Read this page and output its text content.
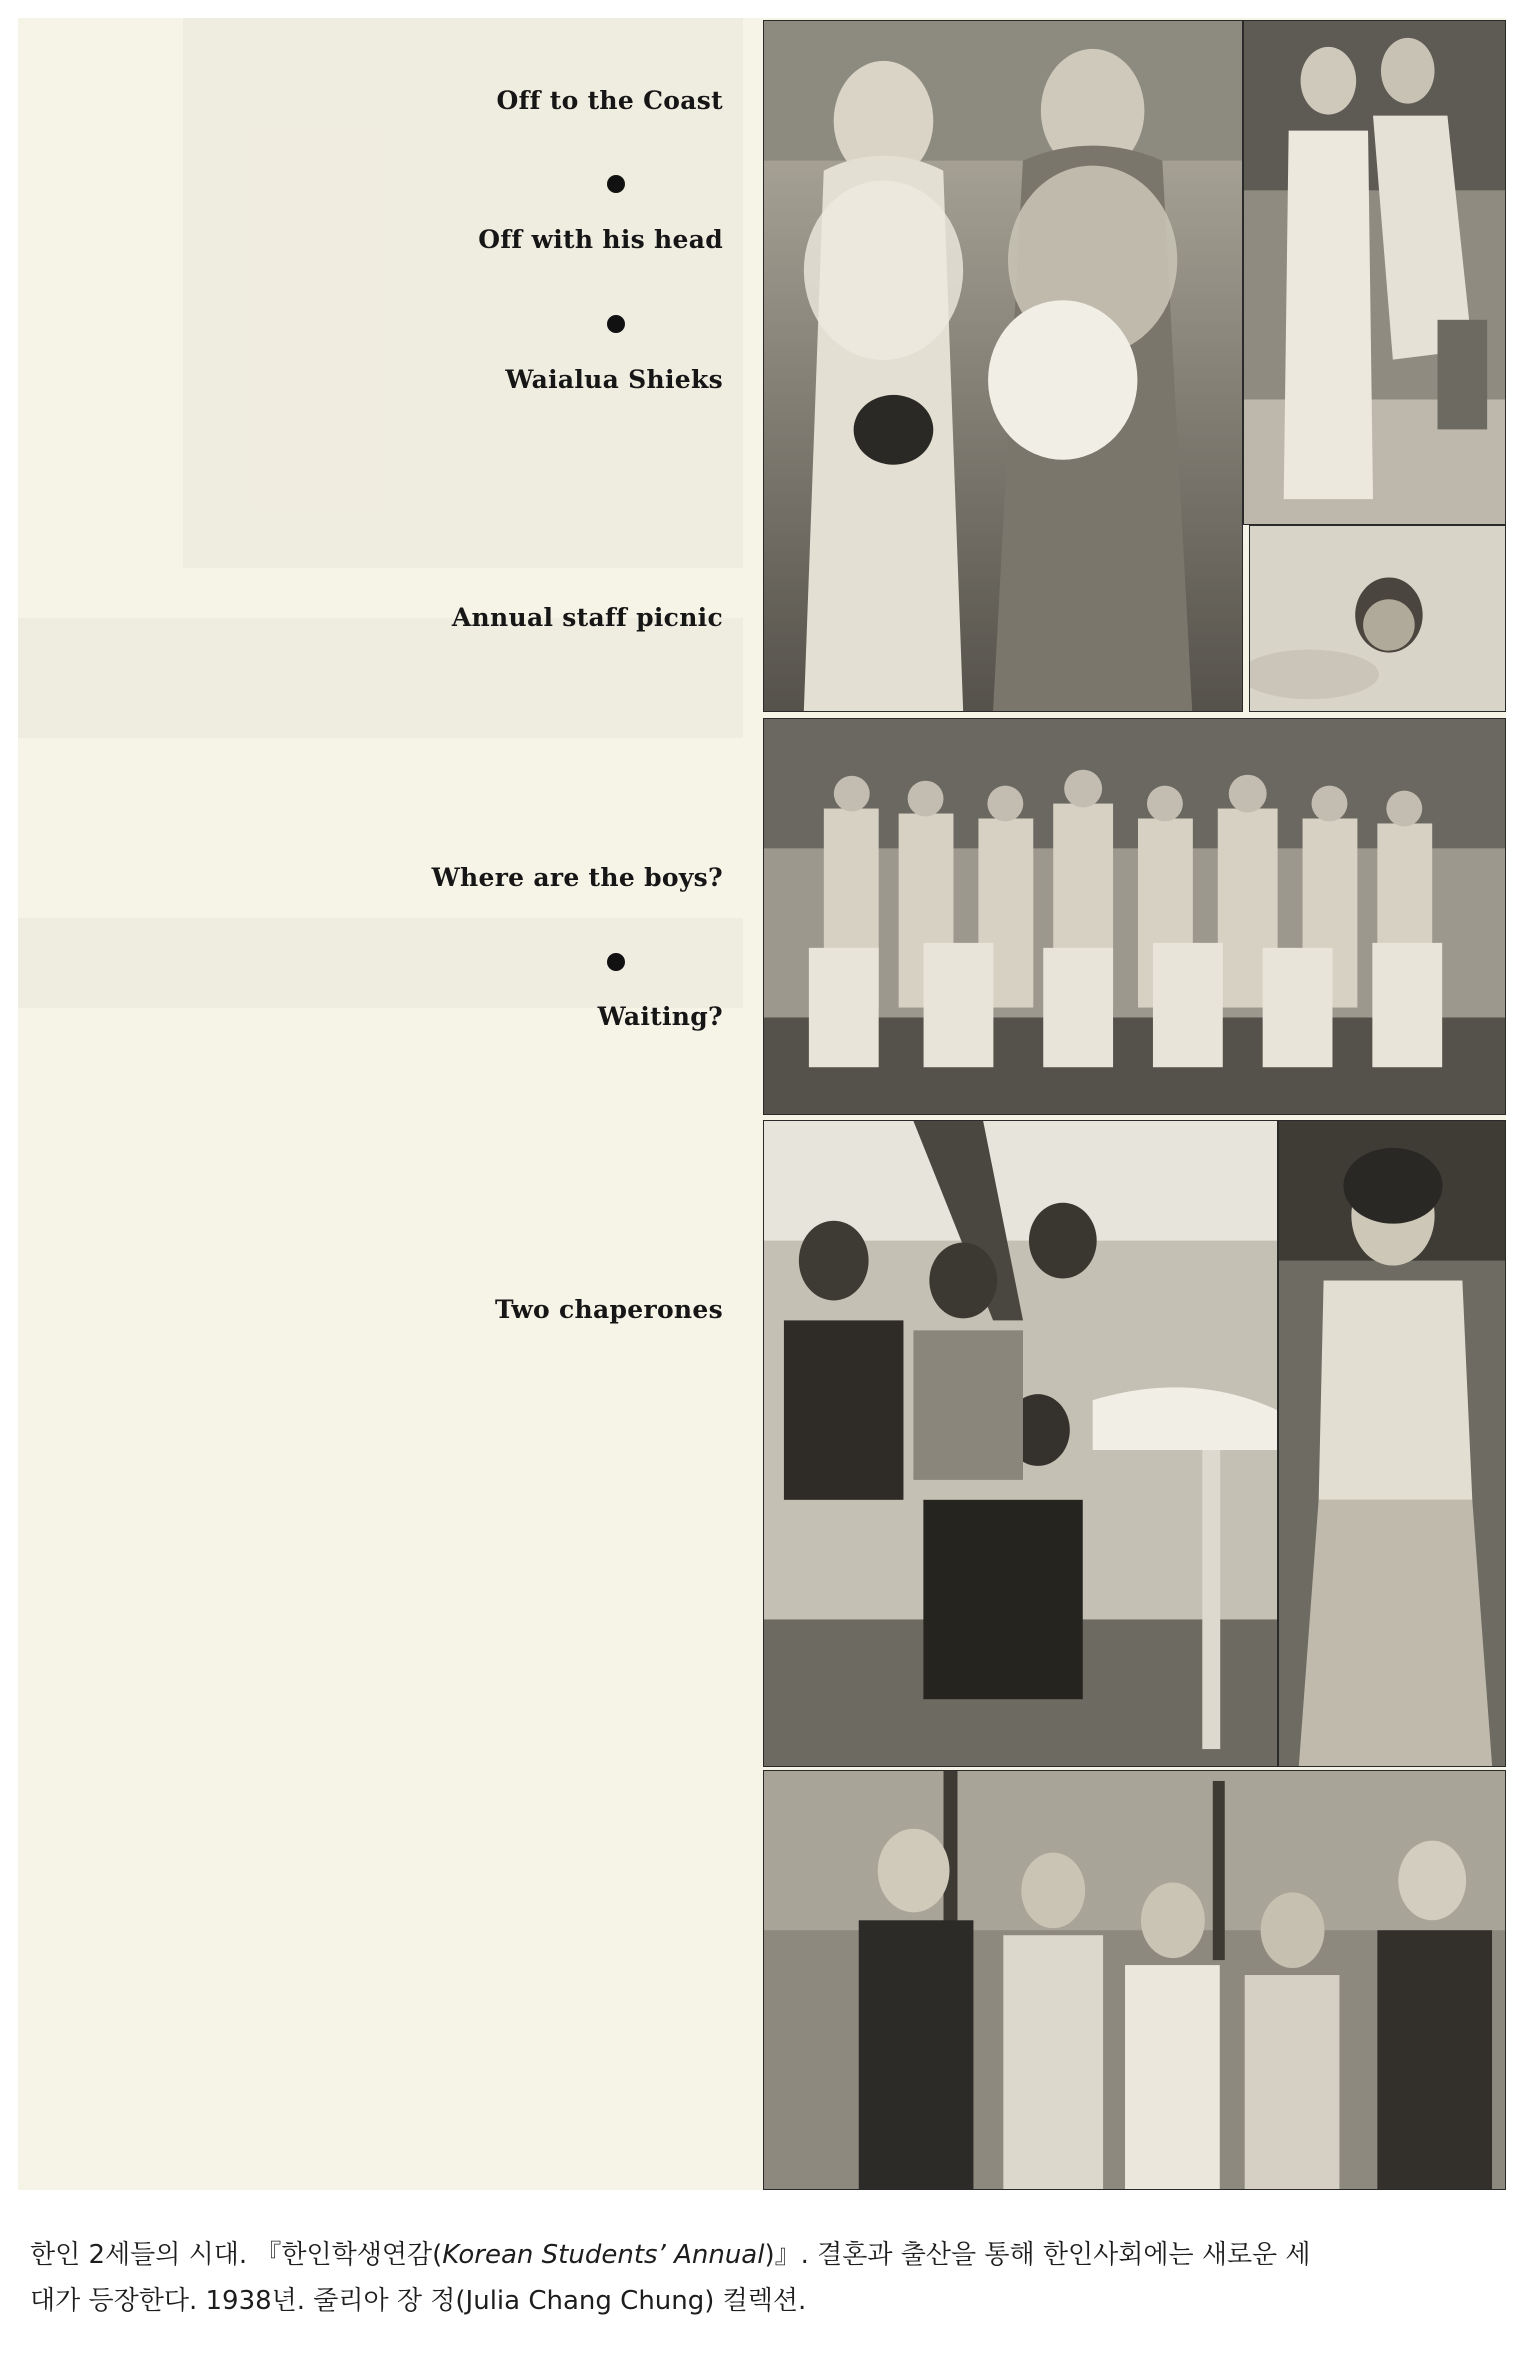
Off to the Coast
Off with his head
Waialua Shieks
Annual staff picnic
Where are the boys?
Waiting?
Two chaperones
한인 2세들의 시대. 『한인학생연감(Korean Students’ Annual)』. 결혼과 출산을 통해 한인사회에는 새로운 세
대가 등장한다. 1938년. 줄리아 장 정(Julia Chang Chung) 컬렉션.
